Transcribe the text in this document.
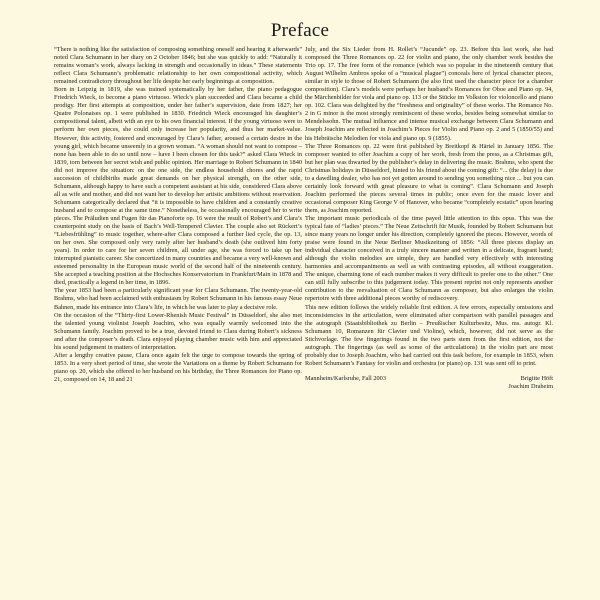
Preface

“There is nothing like the satisfaction of composing something oneself and hearing it afterwards” noted Clara Schumann in her diary on 2 October 1846; but she was quickly to add: “Naturally it remains woman’s work, always lacking in strength and occasionally in ideas.” These statements reflect Clara Schumann’s problematic relationship to her own compositional activity, which remained contradictory throughout her life despite her early beginnings at composition.

Born in Leipzig in 1819, she was trained systematically by her father, the piano pedagogue Friedrich Wieck, to become a piano virtuoso. Wieck’s plan succeeded and Clara became a child prodigy. Her first attempts at composition, under her father’s supervision, date from 1827; her Quatre Polonaises op. 1 were published in 1830. Friedrich Wieck encouraged his daughter’s compositional talent, albeit with an eye to his own financial interest. If the young virtuoso were to perform her own pieces, she could only increase her popularity, and thus her market-value. However, this activity, fostered and encouraged by Clara’s father, aroused a certain desire in the young girl, which became unseemly in a grown woman. “A woman should not want to compose – none has been able to do so until now – have I been chosen for this task?” asked Clara Wieck in 1839, torn between her secret wish and public opinion. Her marriage to Robert Schumann in 1840 did not improve the situation: on the one side, the endless household chores and the rapid succession of childbirths made great demands on her physical strength, on the other side, Schumann, although happy to have such a competent assistant at his side, considered Clara above all as wife and mother, and did not want her to develop her artistic ambitions without reservation. Schumann categorically declared that “it is impossible to have children and a constantly creative husband and to compose at the same time.” Nonetheless, he occasionally encouraged her to write pieces. The Präludien und Fugen für das Pianoforte op. 16 were the result of Robert’s and Clara’s counterpoint study on the basis of Bach’s Well-Tempered Clavier. The couple also set Rückert’s “Liebesfrühling” to music together, where-after Clara composed a further lied cycle, the op. 13, on her own. She composed only very rarely after her husband’s death (she outlived him forty years). In order to care for her seven children, all under age, she was forced to take up her interrupted pianistic career. She concertized in many countries and became a very well-known and esteemed personality in the European music world of the second half of the nineteenth century. She accepted a teaching position at the Hochsches Konservatorium in Frankfurt/Main in 1878 and died, practically a legend in her time, in 1896.

The year 1853 had been a particularly significant year for Clara Schumann. The twenty-year-old Brahms, who had been acclaimed with enthusiasm by Robert Schumann in his famous essay Neue Bahnen, made his entrance into Clara’s life, in which he was later to play a decisive role.

On the occasion of the “Thirty-first Lower-Rhenish Music Festival” in Düsseldorf, she also met the talented young violinist Joseph Joachim, who was equally warmly welcomed into the Schumann family. Joachim proved to be a true, devoted friend to Clara during Robert’s sickness and after the composer’s death. Clara enjoyed playing chamber music with him and appreciated his sound judgement in matters of interpretation.

After a lengthy creative pause, Clara once again felt the urge to compose towards the spring of 1853. In a very short period of time, she wrote the Variations on a theme by Robert Schumann for piano op. 20, which she offered to her husband on his birthday, the Three Romances for Piano op. 21, composed on 14, 18 and 21

July, and the Six Lieder from H. Rollet’s “Jucunde” op. 23. Before this last work, she had composed the Three Romances op. 22 for violin and piano, the only chamber work besides the Trio op. 17. The free form of the romance (which was so popular in the nineteenth century that August Wilhelm Ambros spoke of a “musical plague”) conceals here of lyrical character pieces, similar in style to those of Robert Schumann (he also first used the character piece for a chamber composition). Clara’s models were perhaps her husband’s Romances for Oboe and Piano op. 94, the Märchenbilder for viola and piano op. 113 or the Stücke im Volkston for violoncello and piano op. 102. Clara was delighted by the “freshness and originality” of these works. The Romance No. 2 in G minor is the most strongly reminiscent of these works, besides being somewhat similar to Mendelssohn. The mutual influence and intense musical exchange between Clara Schumann and Joseph Joachim are reflected in Joachim’s Pieces for Violin and Piano op. 2 and 5 (1850/55) and his Hebräische Melodien for viola and piano op. 9 (1855).

The Three Romances op. 22 were first published by Breitkopf & Härtel in January 1856. The composer wanted to offer Joachim a copy of her work, fresh from the press, as a Christmas gift, but her plan was thwarted by the publisher’s delay in delivering the music. Brahms, who spent the Christmas holidays in Düsseldorf, hinted to his friend about the coming gift: “... (the delay) is due to a dawdling dealer, who has not yet gotten around to sending you something nice ... but you can certainly look forward with great pleasure to what is coming”. Clara Schumann and Joseph Joachim performed the pieces several times in public; once even for the music lover and occasional composer King George V of Hanover, who became “completely ecstatic” upon hearing them, as Joachim reported.

The important music periodicals of the time payed little attention to this opus. This was the typical fate of “ladies’ pieces.” The Neue Zeitschrift für Musik, founded by Robert Schumann but since many years no longer under his direction, completely ignored the pieces. However, words of praise were found in the Neue Berliner Musikzeitung of 1856: “All three pieces display an individual character conceived in a truly sincere manner and written in a delicate, fragrant hand; although the violin melodies are simple, they are handled very effectively with interesting harmonies and accompaniments as well as with contrasting episodes, all without exaggeration. The unique, charming tone of each number makes it very difficult to prefer one to the other.” One can still fully subscribe to this judgement today. This present reprint not only represents another contribution to the reevaluation of Clara Schumann as composer, but also enlarges the violin repertoire with three additional pieces worthy of rediscovery.

This new edition follows the widely reliable first edition. A few errors, especially omissions and inconsistencies in the articulation, were eliminated after comparison with parallel passages and the autograph (Staatsbibliothek zu Berlin – Preußischer Kulturbesitz, Mus. ms. autogr. Kl. Schumann 10, Romanzen für Clavier und Violine), which, however, did not serve as the Stichvorlage. The few fingerings found in the two parts stem from the first edition, not the autograph. The fingerings (as well as some of the articulations) in the violin part are most probably due to Joseph Joachim, who had carried out this task before, for example in 1853, when Robert Schumann’s Fantasy for violin and orchestra (or piano) op. 131 was sent off to print.

Mannheim/Karlsruhe, Fall 2003	Brigitte Höft
Joachim Draheim
